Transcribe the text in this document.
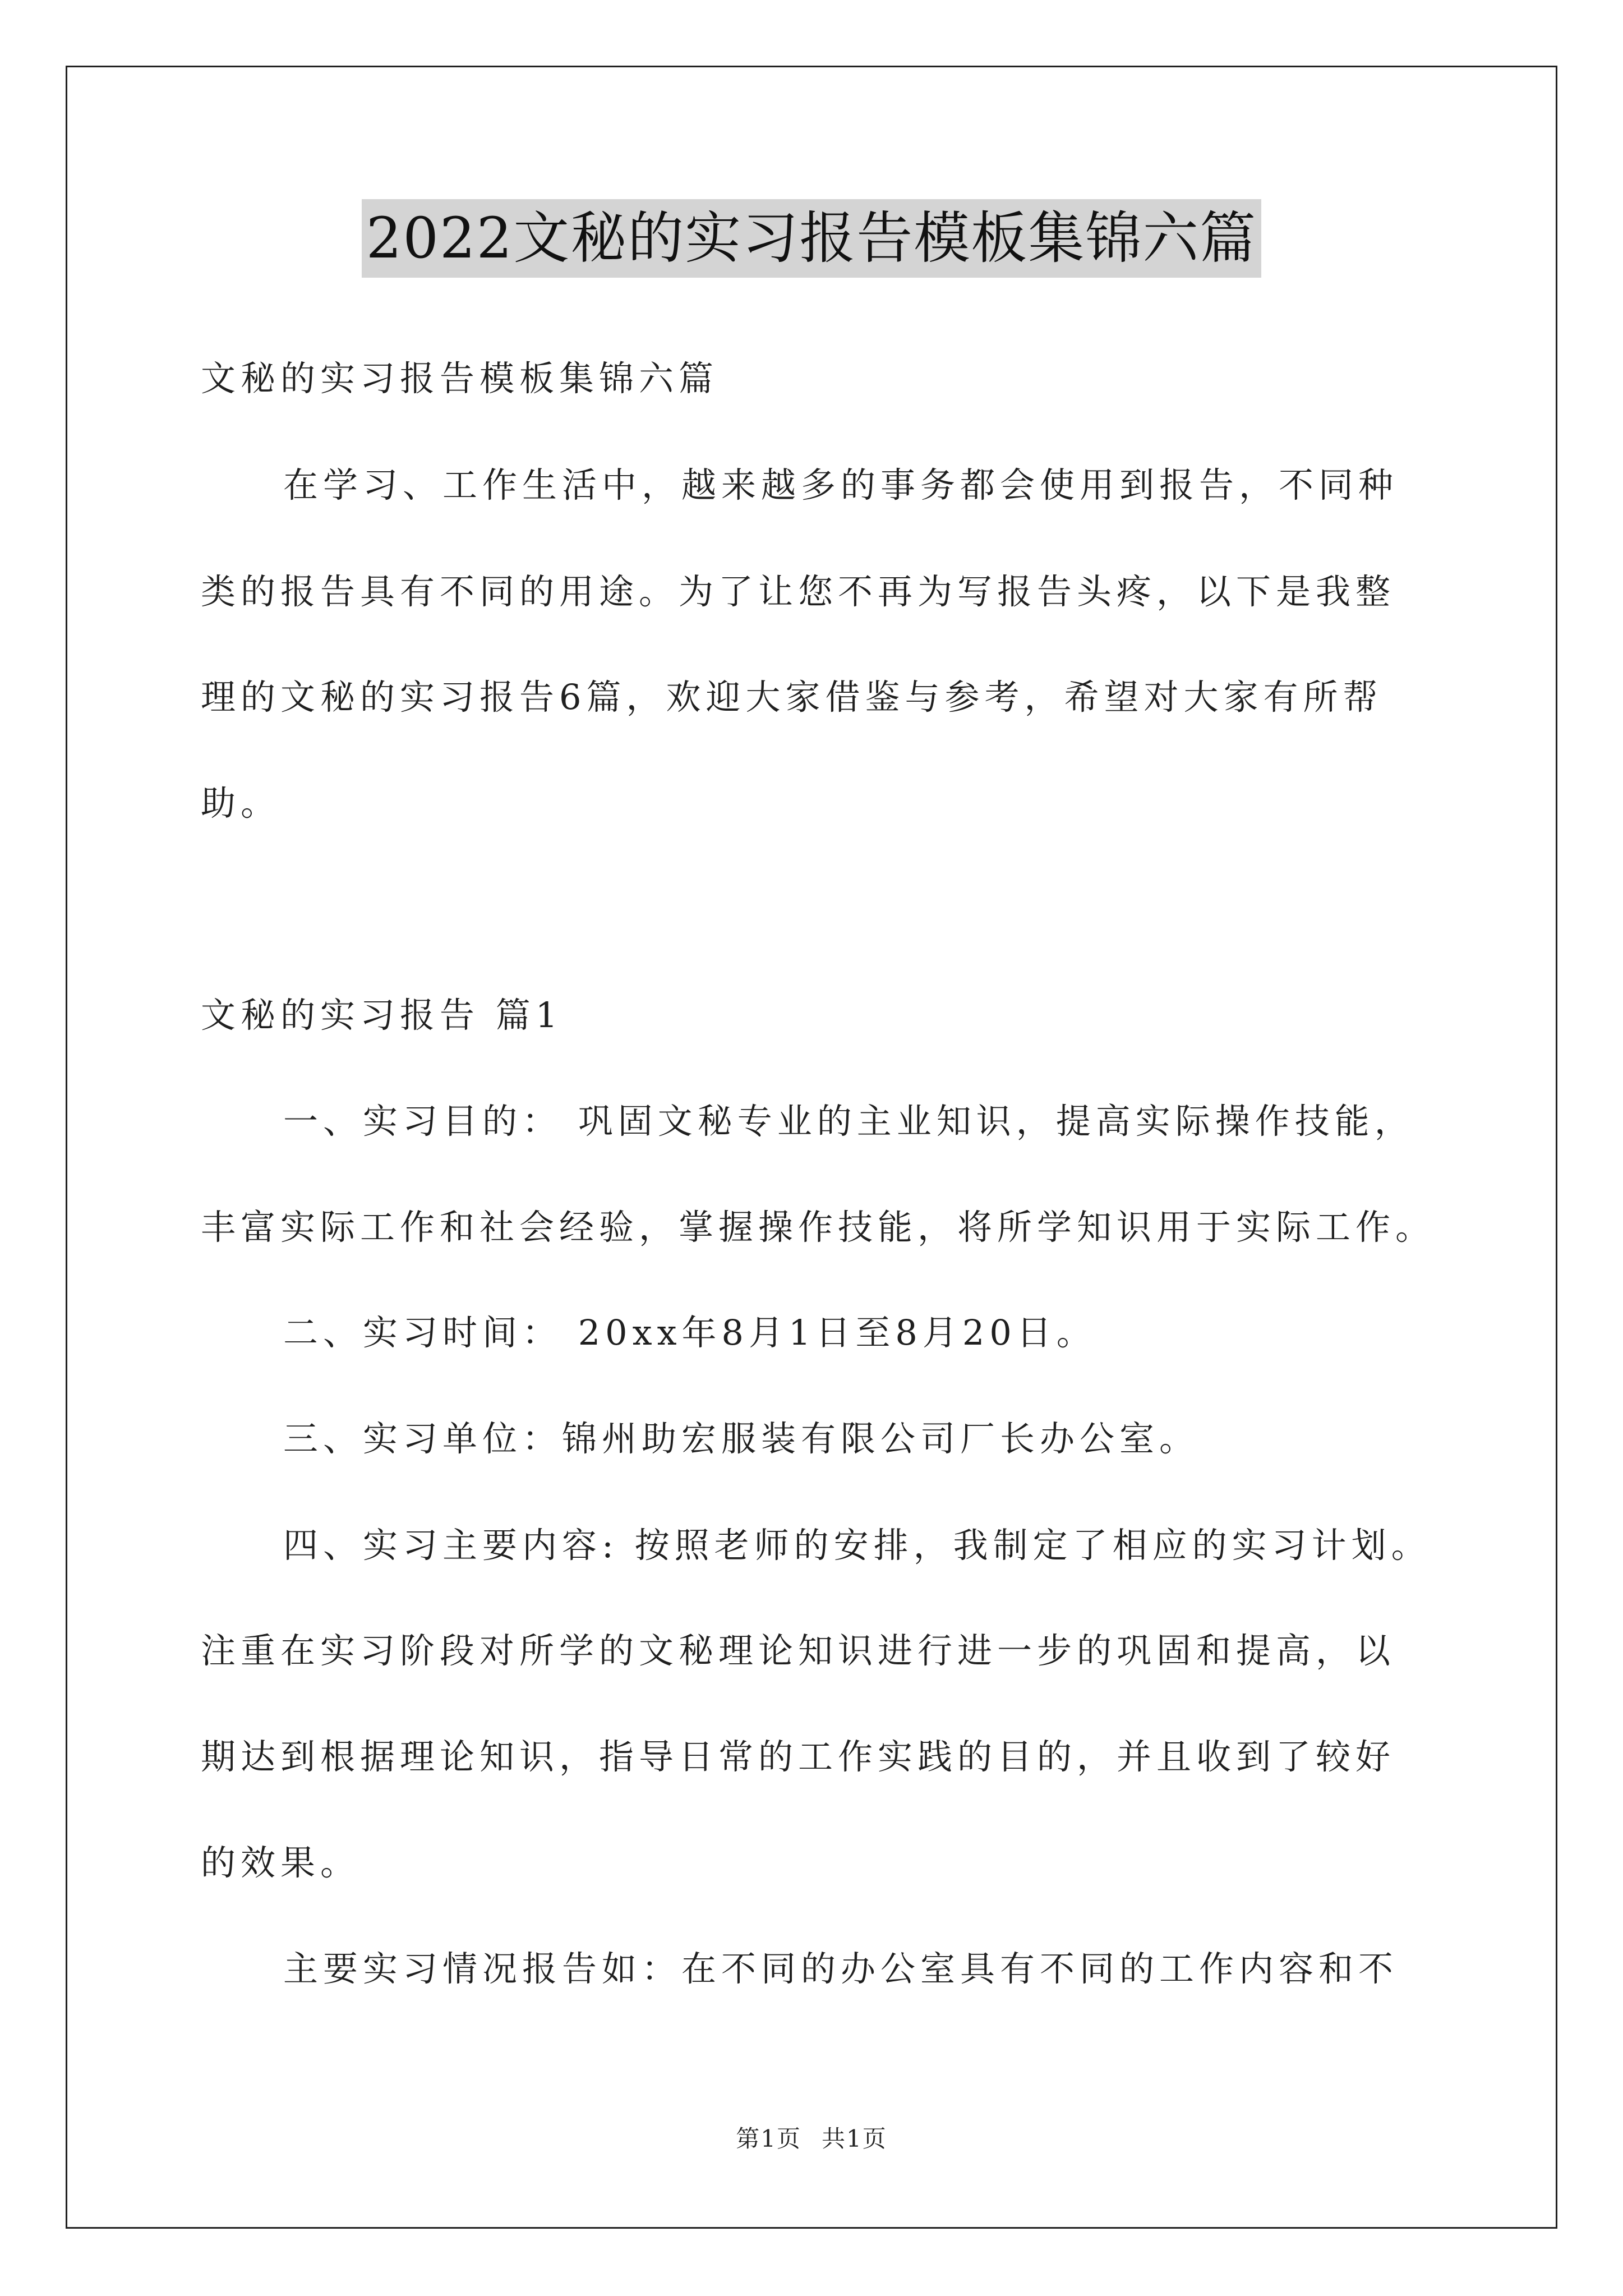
2022文秘的实习报告模板集锦六篇
文秘的实习报告模板集锦六篇
在学习、工作生活中，越来越多的事务都会使用到报告，不同种
类的报告具有不同的用途。为了让您不再为写报告头疼，以下是我整
理的文秘的实习报告6篇，欢迎大家借鉴与参考，希望对大家有所帮
助。
文秘的实习报告 篇1
一、实习目的： 巩固文秘专业的主业知识，提高实际操作技能，
丰富实际工作和社会经验，掌握操作技能，将所学知识用于实际工作。
二、实习时间： 20xx年8月1日至8月20日。
三、实习单位：锦州助宏服装有限公司厂长办公室。
四、实习主要内容: 按照老师的安排，我制定了相应的实习计划。
注重在实习阶段对所学的文秘理论知识进行进一步的巩固和提高，以
期达到根据理论知识，指导日常的工作实践的目的，并且收到了较好
的效果。
主要实习情况报告如：在不同的办公室具有不同的工作内容和不
第1页 共1页
